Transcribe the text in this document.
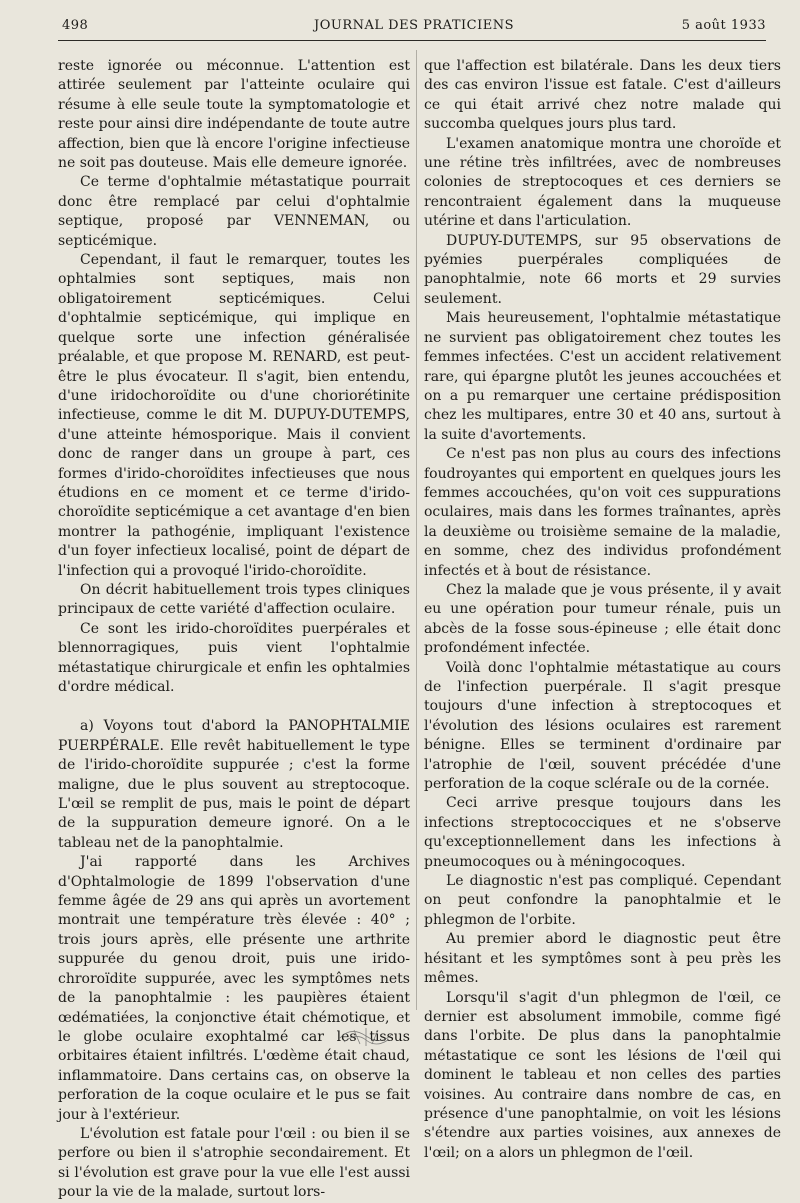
498	JOURNAL DES PRATICIENS	5 août 1933

reste ignorée ou méconnue. L'attention est attirée seulement par l'atteinte oculaire qui résume à elle seule toute la symptomatologie et reste pour ainsi dire indépendante de toute autre affection, bien que là encore l'origine infectieuse ne soit pas douteuse. Mais elle demeure ignorée.

Ce terme d'ophtalmie métastatique pourrait donc être remplacé par celui d'ophtalmie septique, proposé par VENNEMAN, ou septicémique.

Cependant, il faut le remarquer, toutes les ophtalmies sont septiques, mais non obligatoirement septicémiques. Celui d'ophtalmie septicémique, qui implique en quelque sorte une infection généralisée préalable, et que propose M. RENARD, est peut-être le plus évocateur. Il s'agit, bien entendu, d'une iridochoroïdite ou d'une choriorétinite infectieuse, comme le dit M. DUPUY-DUTEMPS, d'une atteinte hémosporique. Mais il convient donc de ranger dans un groupe à part, ces formes d'irido-choroïdites infectieuses que nous étudions en ce moment et ce terme d'irido-choroïdite septicémique a cet avantage d'en bien montrer la pathogénie, impliquant l'existence d'un foyer infectieux localisé, point de départ de l'infection qui a provoqué l'irido-choroïdite.

On décrit habituellement trois types cliniques principaux de cette variété d'affection oculaire.

Ce sont les irido-choroïdites puerpérales et blennorragiques, puis vient l'ophtalmie métastatique chirurgicale et enfin les ophtalmies d'ordre médical.

a) Voyons tout d'abord la PANOPHTALMIE PUERPÉRALE. Elle revêt habituellement le type de l'irido-choroïdite suppurée ; c'est la forme maligne, due le plus souvent au streptocoque. L'œil se remplit de pus, mais le point de départ de la suppuration demeure ignoré. On a le tableau net de la panophtalmie.

J'ai rapporté dans les Archives d'Ophtalmologie de 1899 l'observation d'une femme âgée de 29 ans qui après un avortement montrait une température très élevée : 40° ; trois jours après, elle présente une arthrite suppurée du genou droit, puis une irido-chroroïdite suppurée, avec les symptômes nets de la panophtalmie : les paupières étaient œdématiées, la conjonctive était chémotique, et le globe oculaire exophtalmé car les tissus orbitaires étaient infiltrés. L'œdème était chaud, inflammatoire. Dans certains cas, on observe la perforation de la coque oculaire et le pus se fait jour à l'extérieur.

L'évolution est fatale pour l'œil : ou bien il se perfore ou bien il s'atrophie secondairement. Et si l'évolution est grave pour la vue elle l'est aussi pour la vie de la malade, surtout lors-

que l'affection est bilatérale. Dans les deux tiers des cas environ l'issue est fatale. C'est d'ailleurs ce qui était arrivé chez notre malade qui succomba quelques jours plus tard.

L'examen anatomique montra une choroïde et une rétine très infiltrées, avec de nombreuses colonies de streptocoques et ces derniers se rencontraient également dans la muqueuse utérine et dans l'articulation.

DUPUY-DUTEMPS, sur 95 observations de pyémies puerpérales compliquées de panophtalmie, note 66 morts et 29 survies seulement.

Mais heureusement, l'ophtalmie métastatique ne survient pas obligatoirement chez toutes les femmes infectées. C'est un accident relativement rare, qui épargne plutôt les jeunes accouchées et on a pu remarquer une certaine prédisposition chez les multipares, entre 30 et 40 ans, surtout à la suite d'avortements.

Ce n'est pas non plus au cours des infections foudroyantes qui emportent en quelques jours les femmes accouchées, qu'on voit ces suppurations oculaires, mais dans les formes traînantes, après la deuxième ou troisième semaine de la maladie, en somme, chez des individus profondément infectés et à bout de résistance.

Chez la malade que je vous présente, il y avait eu une opération pour tumeur rénale, puis un abcès de la fosse sous-épineuse ; elle était donc profondément infectée.

Voilà donc l'ophtalmie métastatique au cours de l'infection puerpérale. Il s'agit presque toujours d'une infection à streptocoques et l'évolution des lésions oculaires est rarement bénigne. Elles se terminent d'ordinaire par l'atrophie de l'œil, souvent précédée d'une perforation de la coque scléraIe ou de la cornée.

Ceci arrive presque toujours dans les infections streptococciques et ne s'observe qu'exceptionnellement dans les infections à pneumocoques ou à méningocoques.

Le diagnostic n'est pas compliqué. Cependant on peut confondre la panophtalmie et le phlegmon de l'orbite.

Au premier abord le diagnostic peut être hésitant et les symptômes sont à peu près les mêmes.

Lorsqu'il s'agit d'un phlegmon de l'œil, ce dernier est absolument immobile, comme figé dans l'orbite. De plus dans la panophtalmie métastatique ce sont les lésions de l'œil qui dominent le tableau et non celles des parties voisines. Au contraire dans nombre de cas, en présence d'une panophtalmie, on voit les lésions s'étendre aux parties voisines, aux annexes de l'œil; on a alors un phlegmon de l'œil.
